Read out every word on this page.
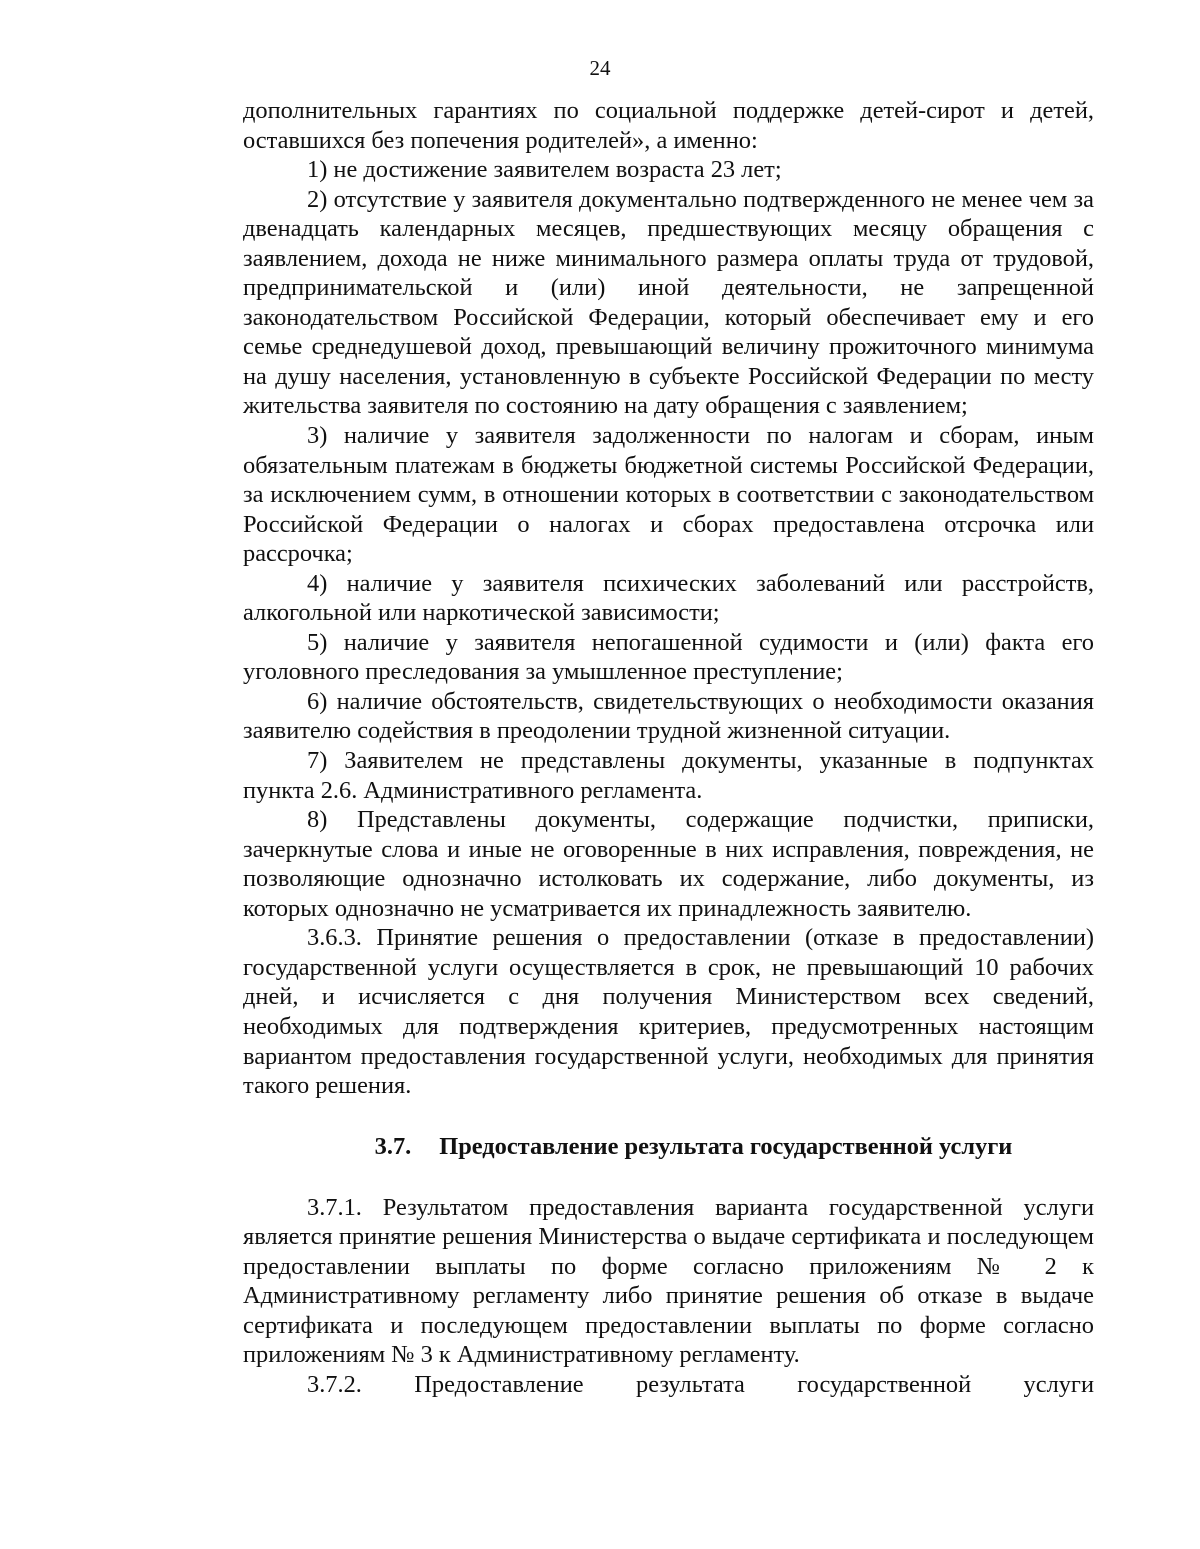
24

дополнительных гарантиях по социальной поддержке детей-сирот и детей, оставшихся без попечения родителей», а именно:

1) не достижение заявителем возраста 23 лет;

2) отсутствие у заявителя документально подтвержденного не менее чем за двенадцать календарных месяцев, предшествующих месяцу обращения с заявлением, дохода не ниже минимального размера оплаты труда от трудовой, предпринимательской и (или) иной деятельности, не запрещенной законодательством Российской Федерации, который обеспечивает ему и его семье среднедушевой доход, превышающий величину прожиточного минимума на душу населения, установленную в субъекте Российской Федерации по месту жительства заявителя по состоянию на дату обращения с заявлением;

3) наличие у заявителя задолженности по налогам и сборам, иным обязательным платежам в бюджеты бюджетной системы Российской Федерации, за исключением сумм, в отношении которых в соответствии с законодательством Российской Федерации о налогах и сборах предоставлена отсрочка или рассрочка;

4) наличие у заявителя психических заболеваний или расстройств, алкогольной или наркотической зависимости;

5) наличие у заявителя непогашенной судимости и (или) факта его уголовного преследования за умышленное преступление;

6) наличие обстоятельств, свидетельствующих о необходимости оказания заявителю содействия в преодолении трудной жизненной ситуации.

7) Заявителем не представлены документы, указанные в подпунктах пункта 2.6. Административного регламента.

8) Представлены документы, содержащие подчистки, приписки, зачеркнутые слова и иные не оговоренные в них исправления, повреждения, не позволяющие однозначно истолковать их содержание, либо документы, из которых однозначно не усматривается их принадлежность заявителю.

3.6.3. Принятие решения о предоставлении (отказе в предоставлении) государственной услуги осуществляется в срок, не превышающий 10 рабочих дней, и исчисляется с дня получения Министерством всех сведений, необходимых для подтверждения критериев, предусмотренных настоящим вариантом предоставления государственной услуги, необходимых для принятия такого решения.

3.7. Предоставление результата государственной услуги

3.7.1. Результатом предоставления варианта государственной услуги является принятие решения Министерства о выдаче сертификата и последующем предоставлении выплаты по форме согласно приложениям № 2 к Административному регламенту либо принятие решения об отказе в выдаче сертификата и последующем предоставлении выплаты по форме согласно приложениям № 3 к Административному регламенту.

3.7.2. Предоставление результата государственной услуги
